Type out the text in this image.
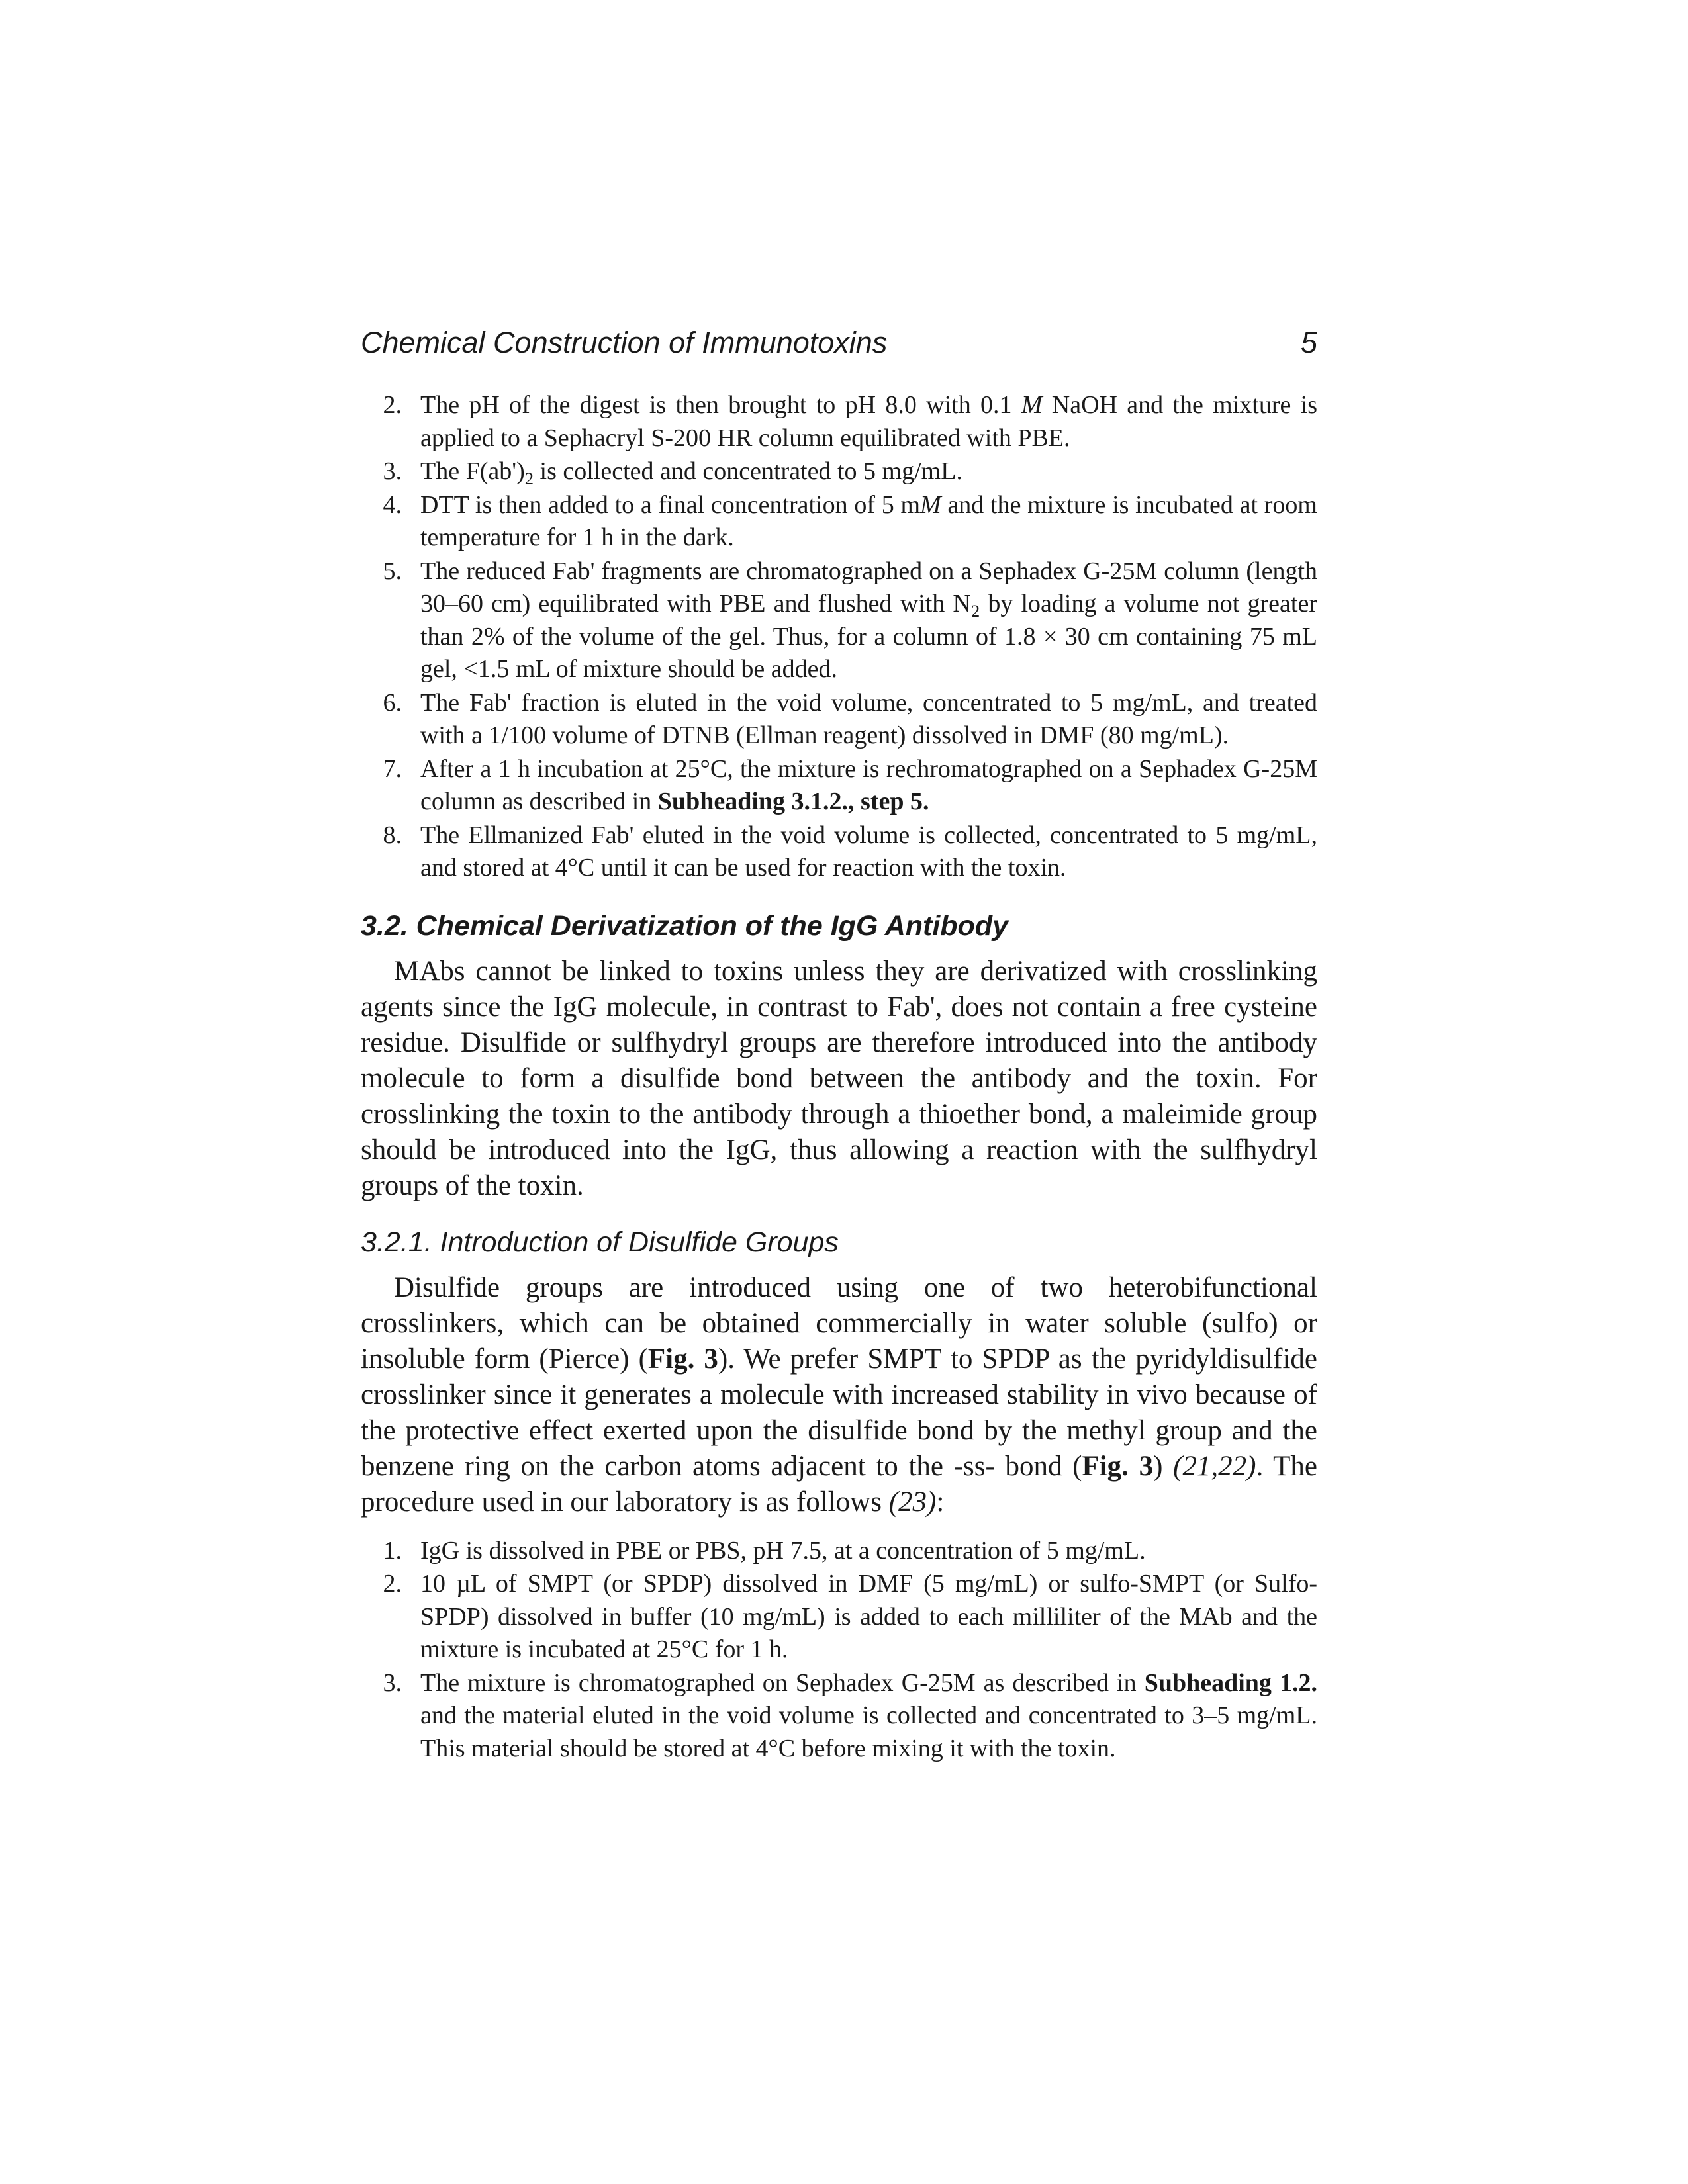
Chemical Construction of Immunotoxins	5
2. The pH of the digest is then brought to pH 8.0 with 0.1 M NaOH and the mixture is applied to a Sephacryl S-200 HR column equilibrated with PBE.
3. The $F(ab')_2$ is collected and concentrated to 5 mg/mL.
4. DTT is then added to a final concentration of 5 mM and the mixture is incubated at room temperature for 1 h in the dark.
5. The reduced Fab' fragments are chromatographed on a Sephadex G-25M column (length 30–60 cm) equilibrated with PBE and flushed with $N_2$ by loading a volume not greater than 2% of the volume of the gel. Thus, for a column of 1.8 × 30 cm containing 75 mL gel, <1.5 mL of mixture should be added.
6. The Fab' fraction is eluted in the void volume, concentrated to 5 mg/mL, and treated with a 1/100 volume of DTNB (Ellman reagent) dissolved in DMF (80 mg/mL).
7. After a 1 h incubation at 25°C, the mixture is rechromatographed on a Sephadex G-25M column as described in Subheading 3.1.2., step 5.
8. The Ellmanized Fab' eluted in the void volume is collected, concentrated to 5 mg/mL, and stored at 4°C until it can be used for reaction with the toxin.
3.2. Chemical Derivatization of the IgG Antibody

MAbs cannot be linked to toxins unless they are derivatized with crosslinking agents since the IgG molecule, in contrast to Fab', does not contain a free cysteine residue. Disulfide or sulfhydryl groups are therefore introduced into the antibody molecule to form a disulfide bond between the antibody and the toxin. For crosslinking the toxin to the antibody through a thioether bond, a maleimide group should be introduced into the IgG, thus allowing a reaction with the sulfhydryl groups of the toxin.

3.2.1. Introduction of Disulfide Groups

Disulfide groups are introduced using one of two heterobifunctional crosslinkers, which can be obtained commercially in water soluble (sulfo) or insoluble form (Pierce) (Fig. 3). We prefer SMPT to SPDP as the pyridyldisulfide crosslinker since it generates a molecule with increased stability in vivo because of the protective effect exerted upon the disulfide bond by the methyl group and the benzene ring on the carbon atoms adjacent to the -ss- bond (Fig. 3) (21,22). The procedure used in our laboratory is as follows (23):

1. IgG is dissolved in PBE or PBS, pH 7.5, at a concentration of 5 mg/mL.
2. 10 µL of SMPT (or SPDP) dissolved in DMF (5 mg/mL) or sulfo-SMPT (or Sulfo-SPDP) dissolved in buffer (10 mg/mL) is added to each milliliter of the MAb and the mixture is incubated at 25°C for 1 h.
3. The mixture is chromatographed on Sephadex G-25M as described in Subheading 1.2. and the material eluted in the void volume is collected and concentrated to 3–5 mg/mL. This material should be stored at 4°C before mixing it with the toxin.
